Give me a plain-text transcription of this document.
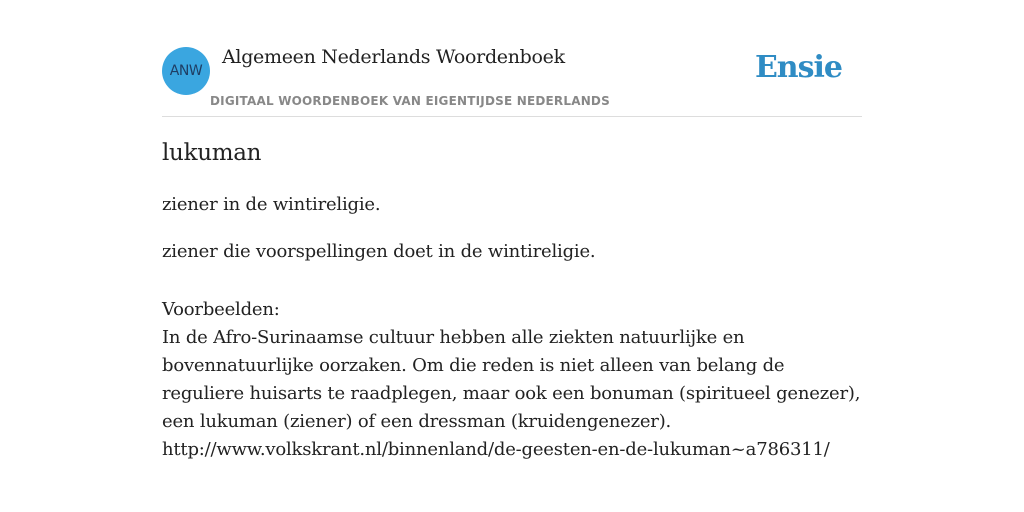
ANW
Algemeen Nederlands Woordenboek
DIGITAAL WOORDENBOEK VAN EIGENTIJDSE NEDERLANDS
Ensie
lukuman
ziener in de wintireligie.
ziener die voorspellingen doet in de wintireligie.
Voorbeelden:
In de Afro-Surinaamse cultuur hebben alle ziekten natuurlijke en bovennatuurlijke oorzaken. Om die reden is niet alleen van belang de reguliere huisarts te raadplegen, maar ook een bonuman (spiritueel genezer), een lukuman (ziener) of een dressman (kruidengenezer).
http://www.volkskrant.nl/binnenland/de-geesten-en-de-lukuman~a786311/
